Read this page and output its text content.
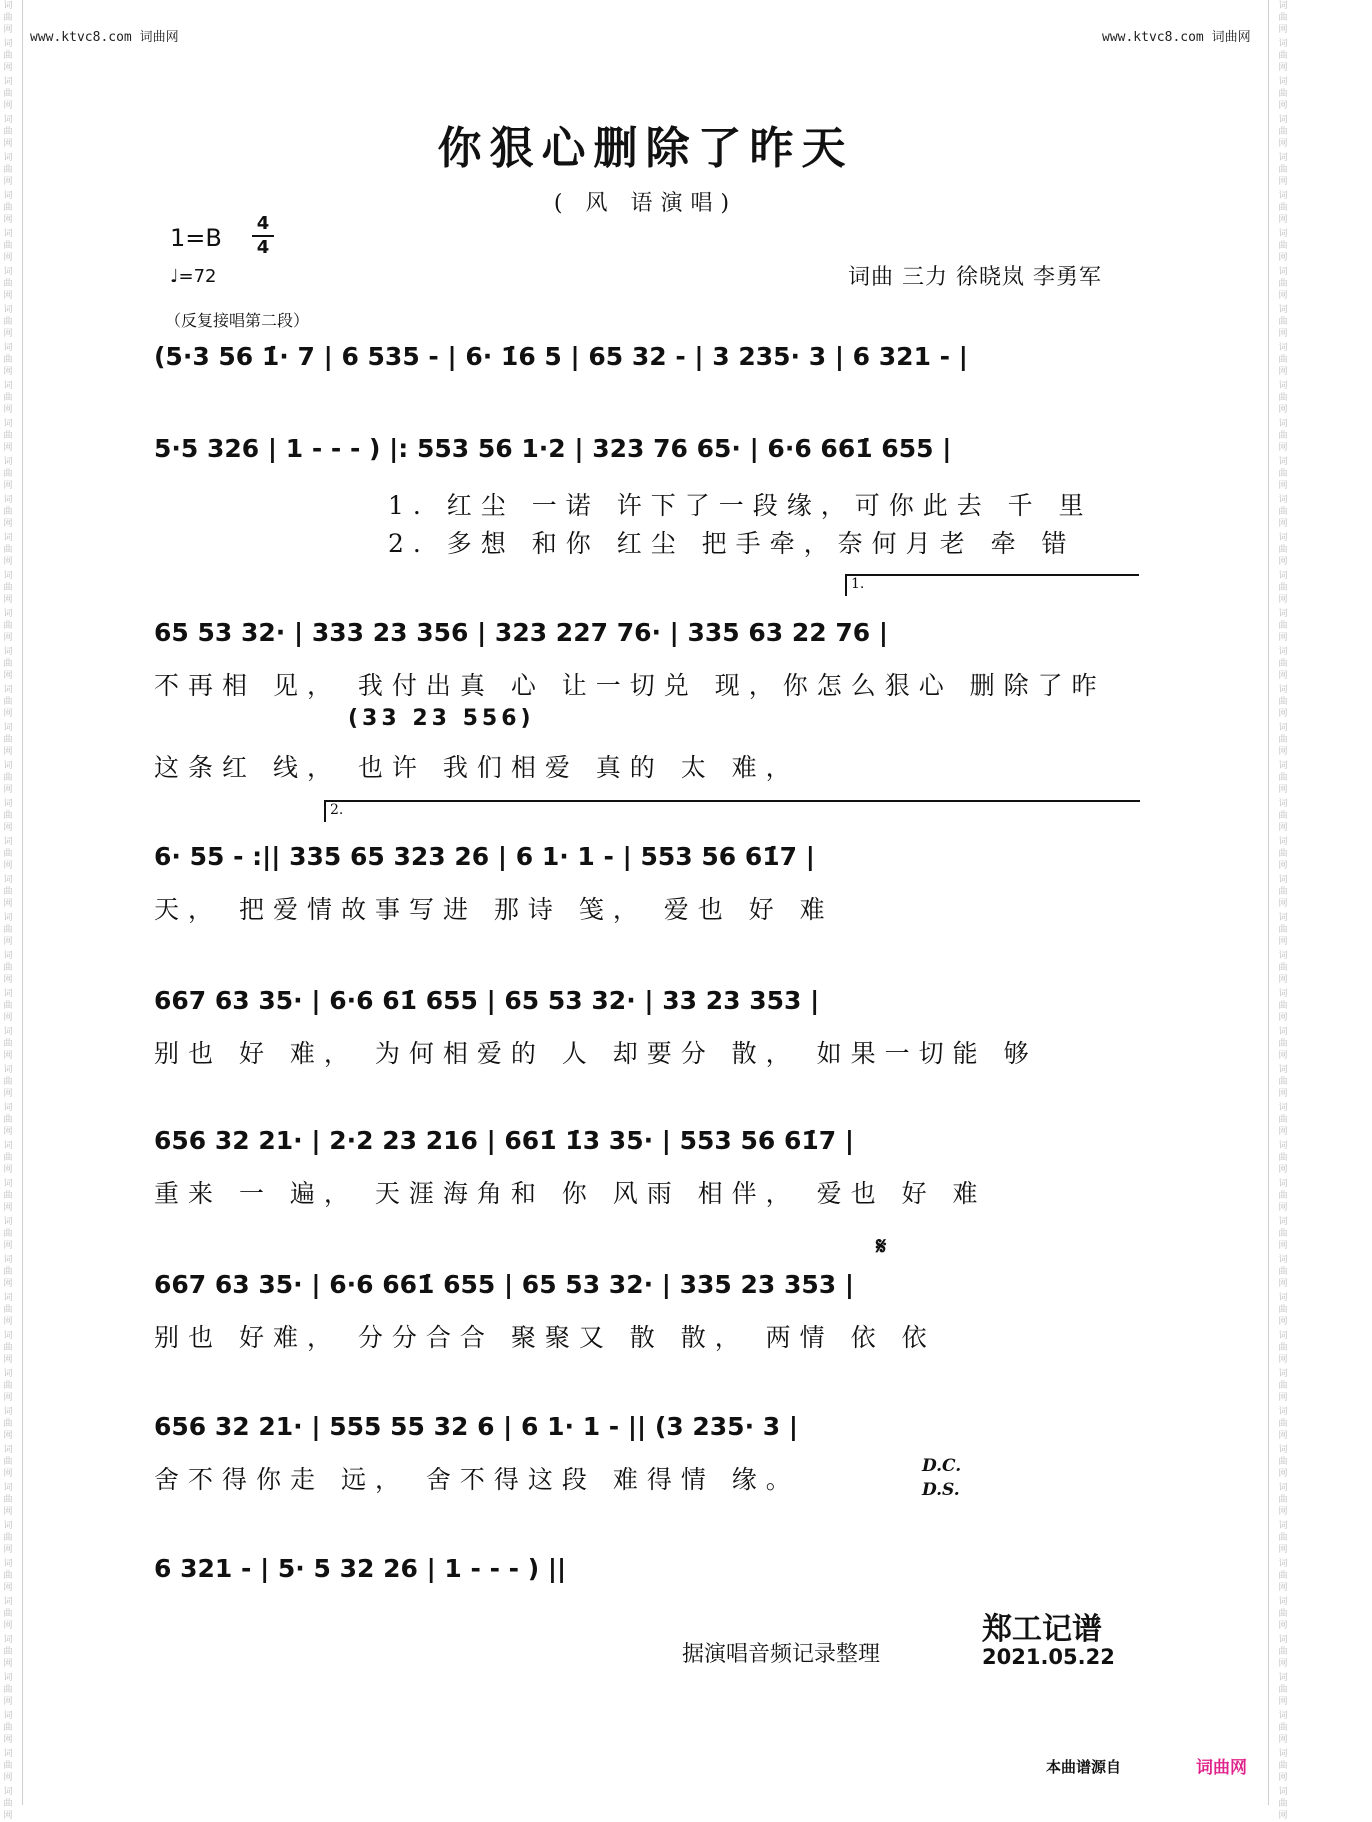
www.ktvc8.com 词曲网	www.ktvc8.com 词曲网
词
曲
网
词
曲
网
词
曲
网
词
曲
网
词
曲
网
词
曲
网
词
曲
网
词
曲
网
词
曲
网
词
曲
网
词
曲
网
词
曲
网
词
曲
网
词
曲
网
词
曲
网
词
曲
网
词
曲
网
词
曲
网
词
曲
网
词
曲
网
词
曲
网
词
曲
网
词
曲
网
词
曲
网
词
曲
网
词
曲
网
词
曲
网
词
曲
网
词
曲
网
词
曲
网
词
曲
网
词
曲
网
词
曲
网
词
曲
网
词
曲
网
词
曲
网
词
曲
网
词
曲
网
词
曲
网
词
曲
网
词
曲
网
词
曲
网
词
曲
网
词
曲
网
词
曲
网
词
曲
网
词
曲
网
词
曲
网
词
曲
网
词
曲
网
词
曲
网
词
曲
网
词
曲
网
词
曲
网
词
曲
网
词
曲
网
词
曲
网
词
曲
网
词
曲
网
词
曲
网
词
曲
网
词
曲
网
词
曲
网
词
曲
网
词
曲
网
词
曲
网
词
曲
网
词
曲
网
词
曲
网
词
曲
网
词
曲
网
词
曲
网
词
曲
网
词
曲
网
词
曲
网
词
曲
网
词
曲
网
词
曲
网
词
曲
网
词
曲
网
词
曲
网
词
曲
网
词
曲
网
词
曲
网
词
曲
网
词
曲
网
词
曲
网
词
曲
网
词
曲
网
词
曲
网
词
曲
网
词
曲
网
词
曲
网
词
曲
网
词
曲
网
词
曲
网
你狠心删除了昨天
( 风 语演唱)
1=B
4
4
♩=72	词曲 三力 徐晓岚 李勇军
（反复接唱第二段）
(5·3 56 1̇· 7 | 6 535 - | 6· 1̇6 5 | 65 32 - | 3 235· 3 | 6 321 - |
5·5 326 | 1 - - - ) |: 553 56 1·2 | 323 76 65· | 6·6 661̇ 655 |
1. 红尘 一诺 许下了一段缘，可你此去 千 里
2. 多想 和你 红尘 把手牵，奈何月老 牵 错
1.
65 53 32· | 333 23 356 | 323 227 76· | 335 63 22 76 |
不再相 见， 我付出真 心 让一切兑 现，你怎么狠心 删除了昨
(33 23 556)
这条红 线， 也许 我们相爱 真的 太 难，
2.
6· 55 - :|| 335 65 323 26 | 6 1· 1 - | 553 56 61̇7 |
天， 把爱情故事写进 那诗 笺， 爱也 好 难
667 63 35· | 6·6 61̇ 655 | 65 53 32· | 33 23 353 |
别也 好 难， 为何相爱的 人 却要分 散， 如果一切能 够
656 32 21· | 2·2 23 216 | 661̇ 1̇3 35· | 553 56 61̇7 |
重来 一 遍， 天涯海角和 你 风雨 相伴， 爱也 好 难
𝄋
667 63 35· | 6·6 661̇ 655 | 65 53 32· | 335 23 353 |
别也 好难， 分分合合 聚聚又 散 散， 两情 依 依
656 32 21· | 555 55 32 6 | 6 1· 1 - || (3 235· 3 |
舍不得你走 远， 舍不得这段 难得情 缘。	D.C.
D.S.
6 321 - | 5· 5 32 26 | 1 - - - ) ||
据演唱音频记录整理
郑工记谱
2021.05.22
本曲谱源自	词曲网
